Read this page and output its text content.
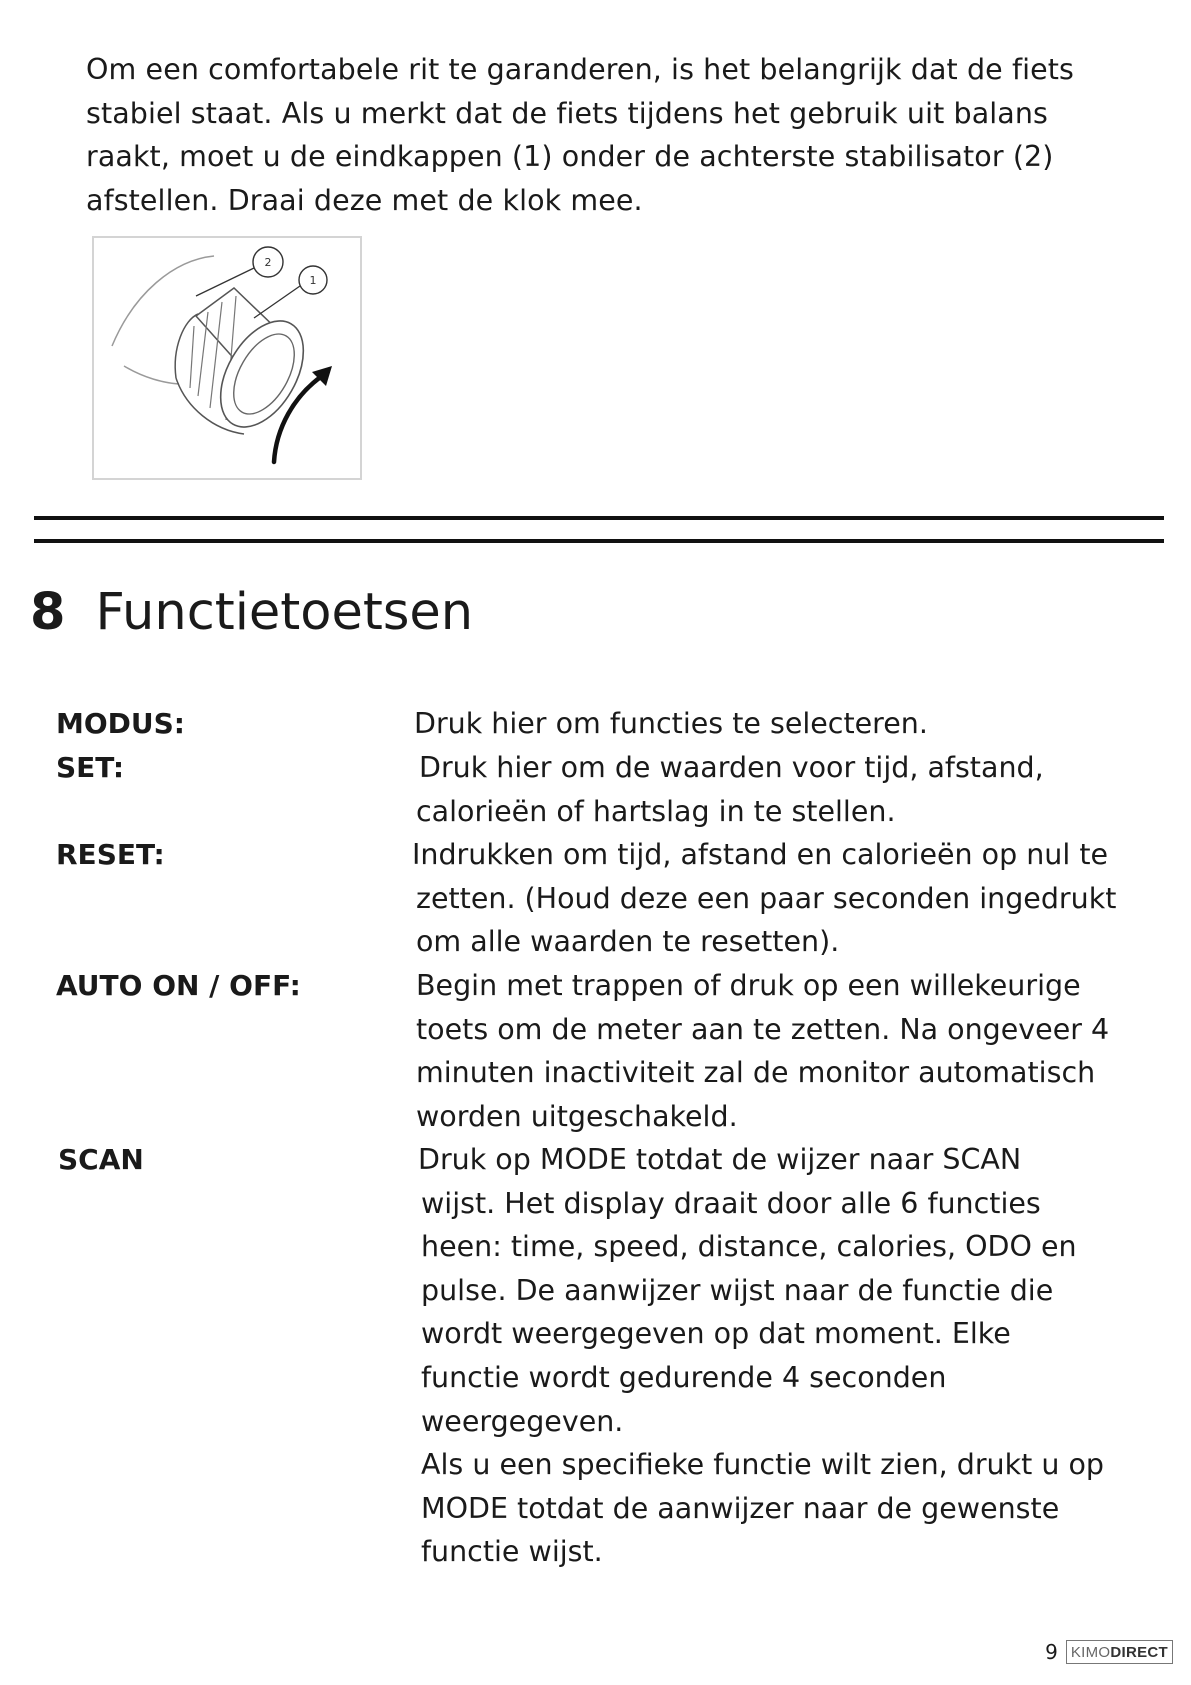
Om een comfortabele rit te garanderen, is het belangrijk dat de fiets
stabiel staat. Als u merkt dat de fiets tijdens het gebruik uit balans
raakt, moet u de eindkappen (1) onder de achterste stabilisator (2)
afstellen. Draai deze met de klok mee.
2
1
8 Functietoetsen
MODUS:	Druk hier om functies te selecteren.
SET:	Druk hier om de waarden voor tijd, afstand,
calorieën of hartslag in te stellen.
RESET:	Indrukken om tijd, afstand en calorieën op nul te
zetten. (Houd deze een paar seconden ingedrukt
om alle waarden te resetten).
AUTO ON / OFF:	Begin met trappen of druk op een willekeurige
toets om de meter aan te zetten. Na ongeveer 4
minuten inactiviteit zal de monitor automatisch
worden uitgeschakeld.
SCAN	Druk op MODE totdat de wijzer naar SCAN
wijst. Het display draait door alle 6 functies
heen: time, speed, distance, calories, ODO en
pulse. De aanwijzer wijst naar de functie die
wordt weergegeven op dat moment. Elke
functie wordt gedurende 4 seconden
weergegeven.
Als u een specifieke functie wilt zien, drukt u op
MODE totdat de aanwijzer naar de gewenste
functie wijst.
9 KIMO DIRECT
